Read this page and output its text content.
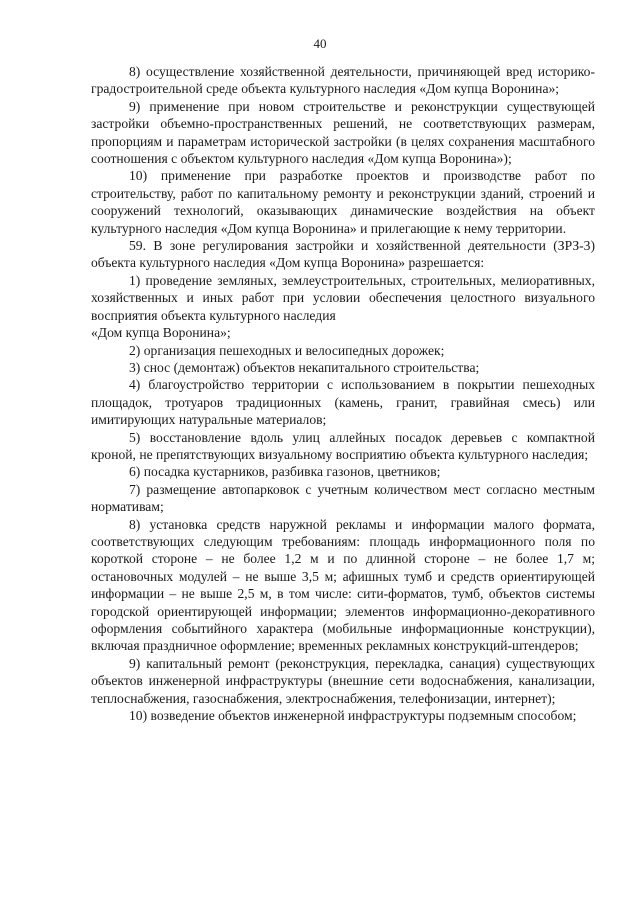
40

8) осуществление хозяйственной деятельности, причиняющей вред историко-градостроительной среде объекта культурного наследия «Дом купца Воронина»;

9) применение при новом строительстве и реконструкции существующей застройки объемно-пространственных решений, не соответствующих размерам, пропорциям и параметрам исторической застройки (в целях сохранения масштабного соотношения с объектом культурного наследия «Дом купца Воронина»);

10) применение при разработке проектов и производстве работ по строительству, работ по капитальному ремонту и реконструкции зданий, строений и сооружений технологий, оказывающих динамические воздействия на объект культурного наследия «Дом купца Воронина» и прилегающие к нему территории.

59. В зоне регулирования застройки и хозяйственной деятельности (ЗРЗ-3) объекта культурного наследия «Дом купца Воронина» разрешается:

1) проведение земляных, землеустроительных, строительных, мелиоративных, хозяйственных и иных работ при условии обеспечения целостного визуального восприятия объекта культурного наследия

«Дом купца Воронина»;

2) организация пешеходных и велосипедных дорожек;

3) снос (демонтаж) объектов некапитального строительства;

4) благоустройство территории с использованием в покрытии пешеходных площадок, тротуаров традиционных (камень, гранит, гравийная смесь) или имитирующих натуральные материалов;

5) восстановление вдоль улиц аллейных посадок деревьев с компактной кроной, не препятствующих визуальному восприятию объекта культурного наследия;

6) посадка кустарников, разбивка газонов, цветников;

7) размещение автопарковок с учетным количеством мест согласно местным нормативам;

8) установка средств наружной рекламы и информации малого формата, соответствующих следующим требованиям: площадь информационного поля по короткой стороне – не более 1,2 м и по длинной стороне – не более 1,7 м; остановочных модулей – не выше 3,5 м; афишных тумб и средств ориентирующей информации – не выше 2,5 м, в том числе: сити-форматов, тумб, объектов системы городской ориентирующей информации; элементов информационно-декоративного оформления событийного характера (мобильные информационные конструкции), включая праздничное оформление; временных рекламных конструкций-штендеров;

9) капитальный ремонт (реконструкция, перекладка, санация) существующих объектов инженерной инфраструктуры (внешние сети водоснабжения, канализации, теплоснабжения, газоснабжения, электроснабжения, телефонизации, интернет);

10) возведение объектов инженерной инфраструктуры подземным способом;
